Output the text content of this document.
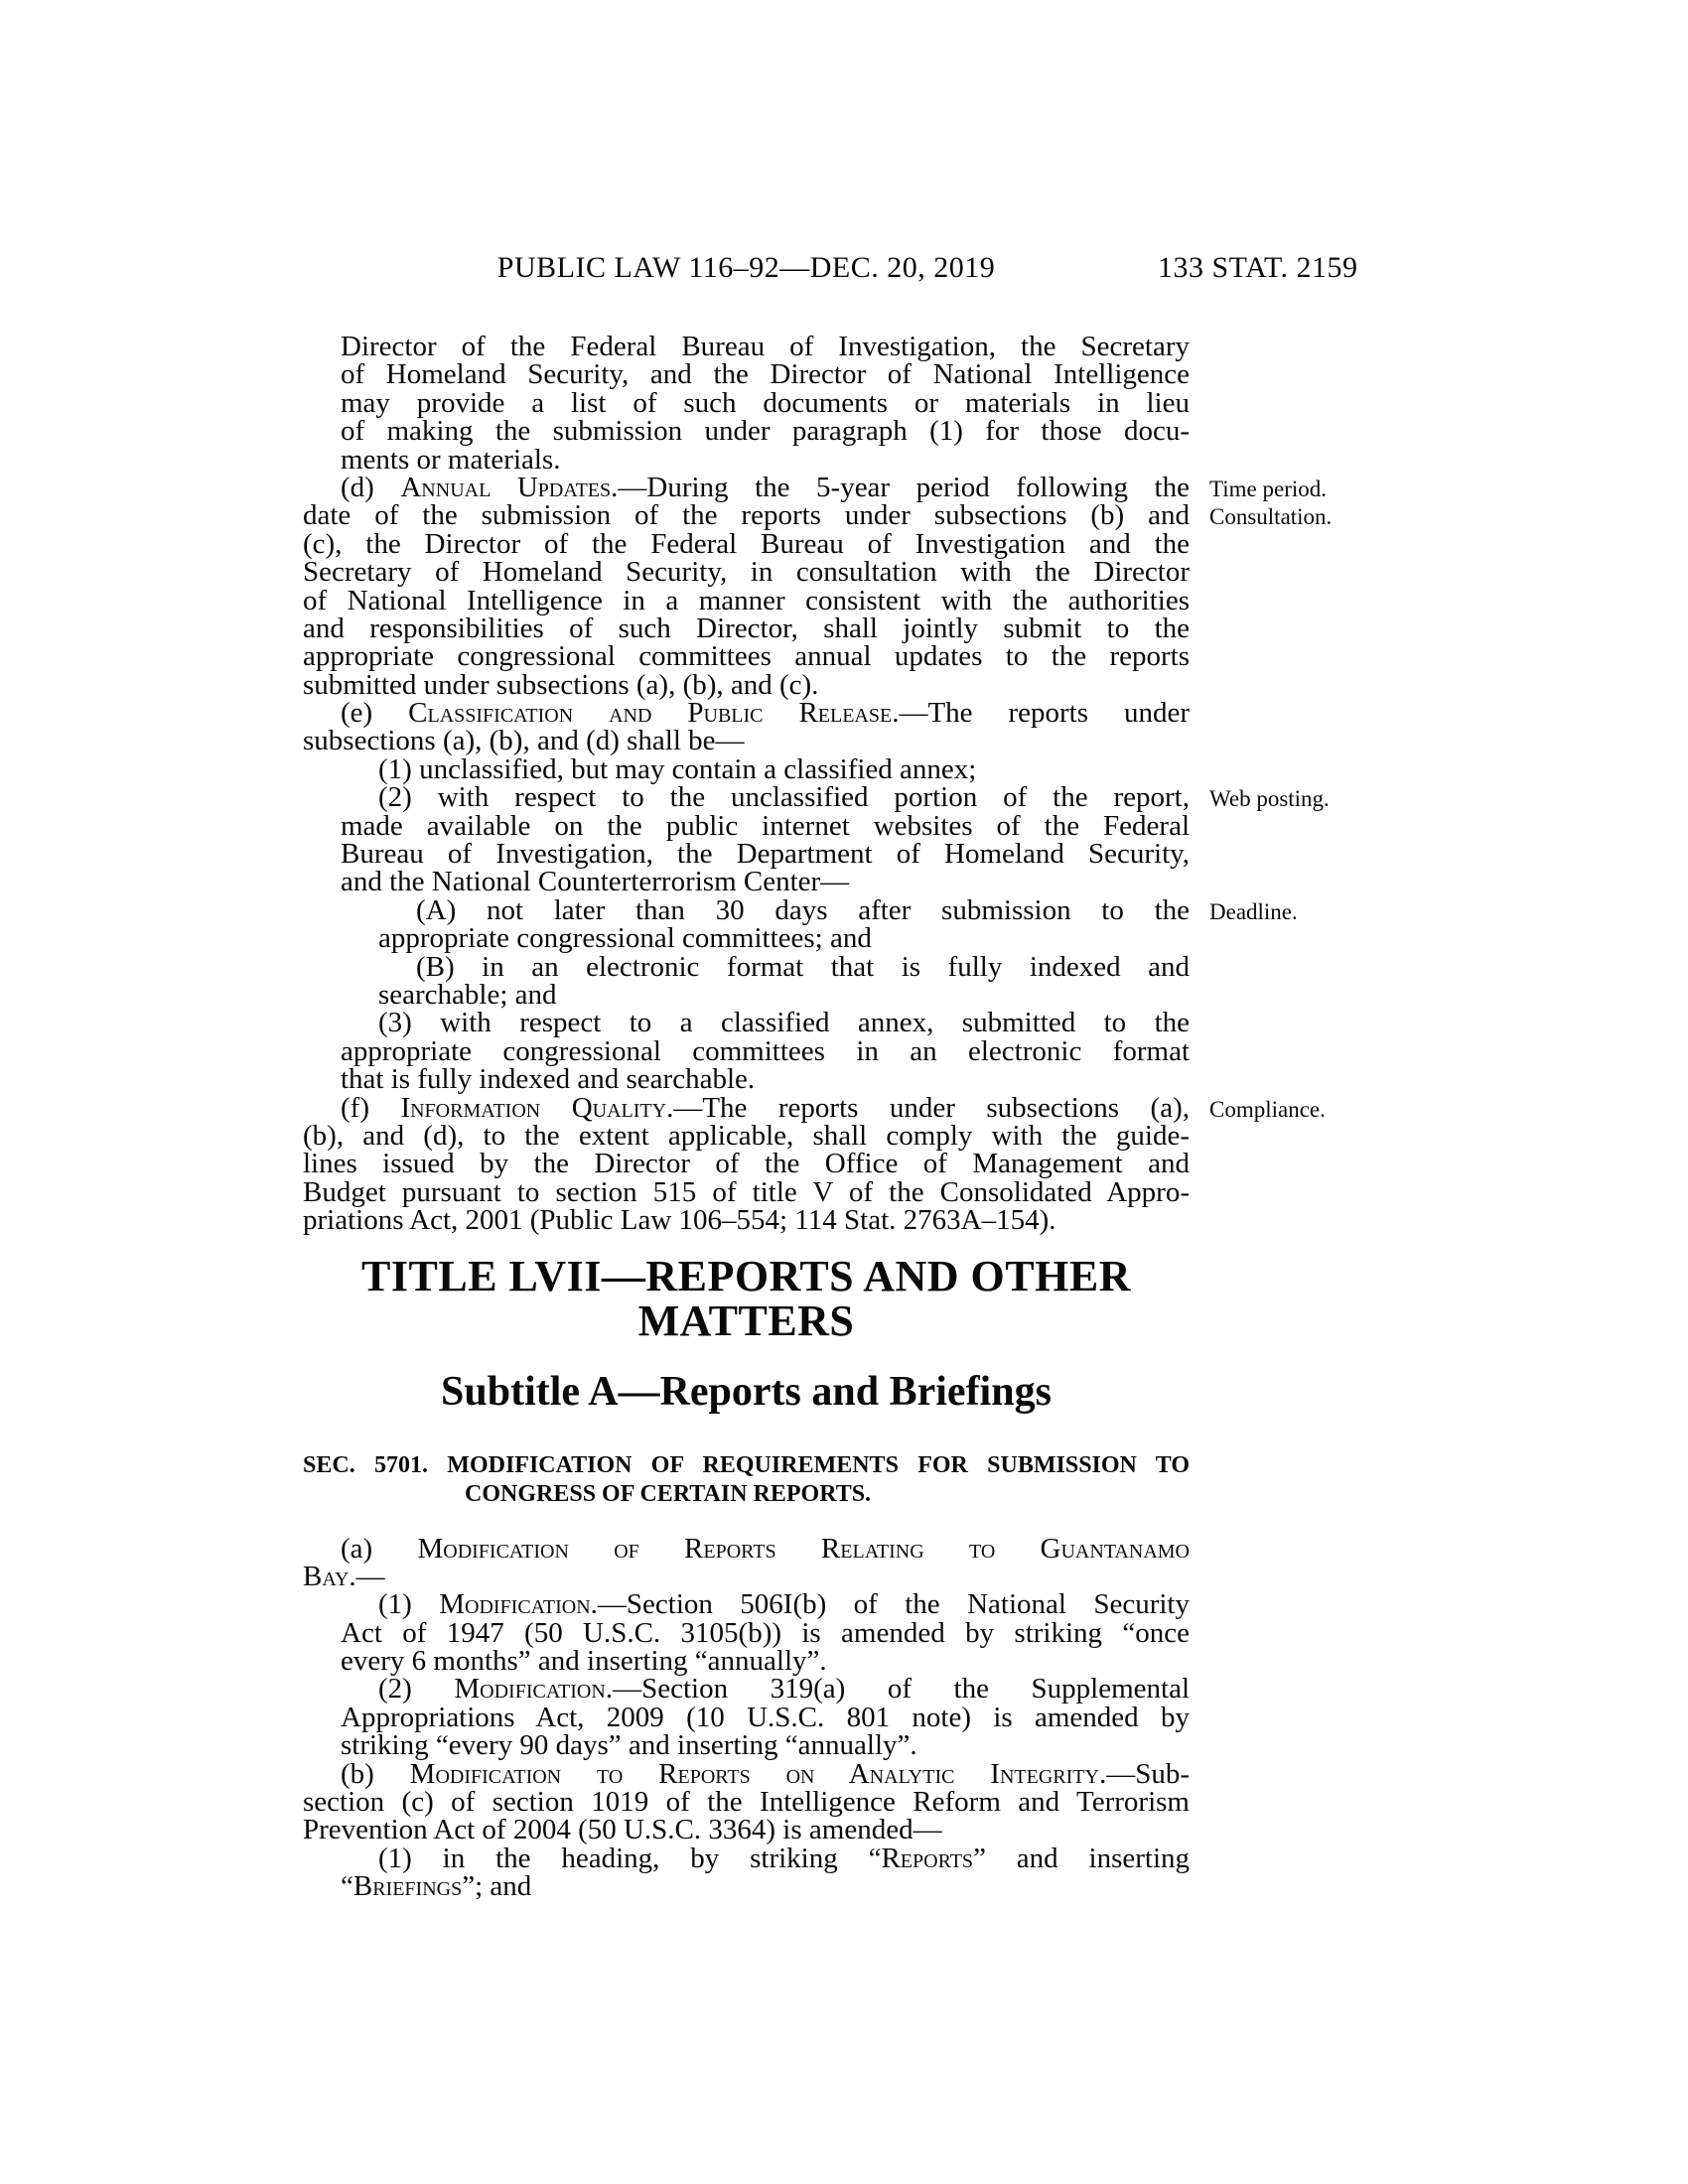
PUBLIC LAW 116–92—DEC. 20, 2019	133 STAT. 2159
Director of the Federal Bureau of Investigation, the Secretary
of Homeland Security, and the Director of National Intelligence
may provide a list of such documents or materials in lieu
of making the submission under paragraph (1) for those docu-
ments or materials.
(d) Annual Updates.—During the 5-year period following the
date of the submission of the reports under subsections (b) and
(c), the Director of the Federal Bureau of Investigation and the
Secretary of Homeland Security, in consultation with the Director
of National Intelligence in a manner consistent with the authorities
and responsibilities of such Director, shall jointly submit to the
appropriate congressional committees annual updates to the reports
submitted under subsections (a), (b), and (c).
(e) Classification and Public Release.—The reports under
subsections (a), (b), and (d) shall be—
(1) unclassified, but may contain a classified annex;
(2) with respect to the unclassified portion of the report,
made available on the public internet websites of the Federal
Bureau of Investigation, the Department of Homeland Security,
and the National Counterterrorism Center—
(A) not later than 30 days after submission to the
appropriate congressional committees; and
(B) in an electronic format that is fully indexed and
searchable; and
(3) with respect to a classified annex, submitted to the
appropriate congressional committees in an electronic format
that is fully indexed and searchable.
(f) Information Quality.—The reports under subsections (a),
(b), and (d), to the extent applicable, shall comply with the guide-
lines issued by the Director of the Office of Management and
Budget pursuant to section 515 of title V of the Consolidated Appro-
priations Act, 2001 (Public Law 106–554; 114 Stat. 2763A–154).
TITLE LVII—REPORTS AND OTHER
MATTERS
Subtitle A—Reports and Briefings
SEC. 5701. MODIFICATION OF REQUIREMENTS FOR SUBMISSION TO
CONGRESS OF CERTAIN REPORTS.
(a) Modification of Reports Relating to Guantanamo
Bay.—
(1) Modification.—Section 506I(b) of the National Security
Act of 1947 (50 U.S.C. 3105(b)) is amended by striking “once
every 6 months” and inserting “annually”.
(2) Modification.—Section 319(a) of the Supplemental
Appropriations Act, 2009 (10 U.S.C. 801 note) is amended by
striking “every 90 days” and inserting “annually”.
(b) Modification to Reports on Analytic Integrity.—Sub-
section (c) of section 1019 of the Intelligence Reform and Terrorism
Prevention Act of 2004 (50 U.S.C. 3364) is amended—
(1) in the heading, by striking “Reports” and inserting
“Briefings”; and
Time period.
Consultation.
Web posting.
Deadline.
Compliance.
